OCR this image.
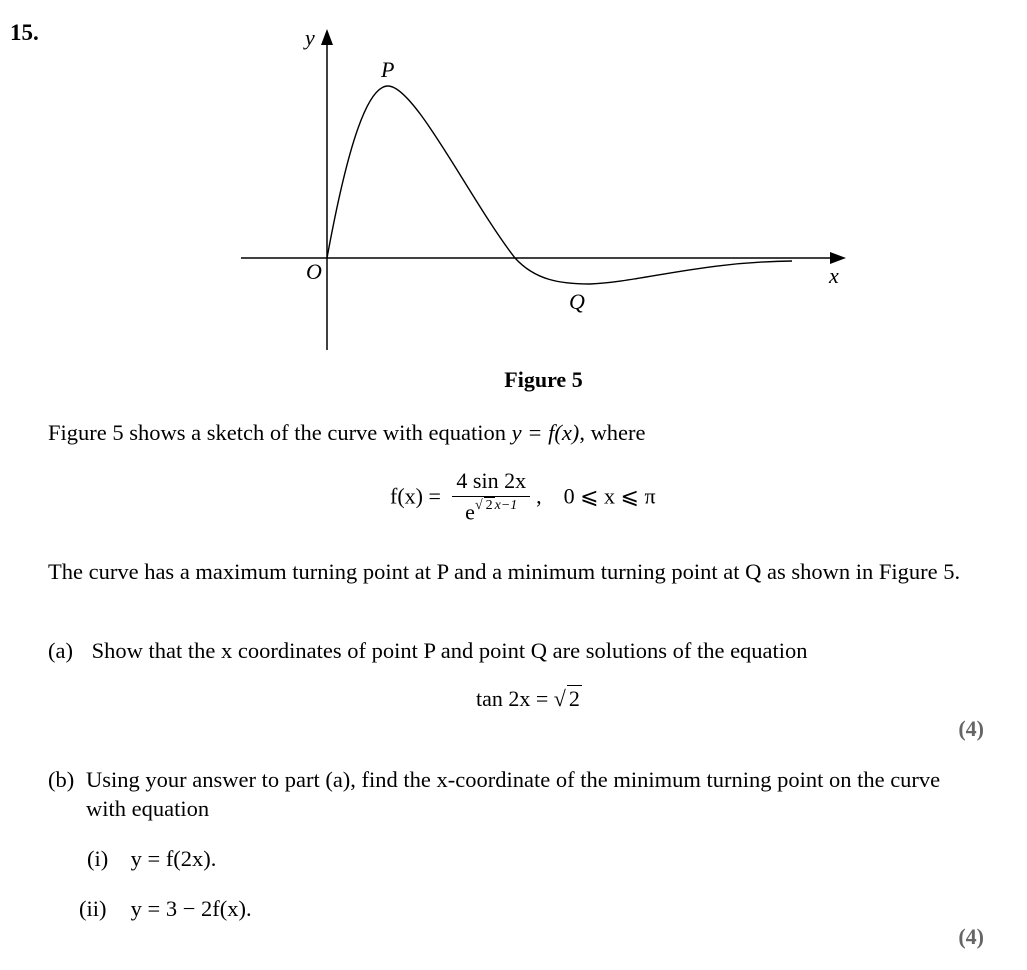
15.	y
x
O
P
Q
Figure 5
Figure 5 shows a sketch of the curve with equation y = f(x), where
$f(x) = \frac{4 \sin 2x}{e^{√ 2 x-1}}$ ,    0 ⩽ x ⩽ π
The curve has a maximum turning point at P and a minimum turning point at Q as shown in Figure 5.
(a) Show that the x coordinates of point P and point Q are solutions of the equation
tan 2x = √ 2
(4)
(b) Using your answer to part (a), find the x-coordinate of the minimum turning point on the curve with equation
(i) y = f(2x).
(ii) y = 3 − 2f(x).
(4)
